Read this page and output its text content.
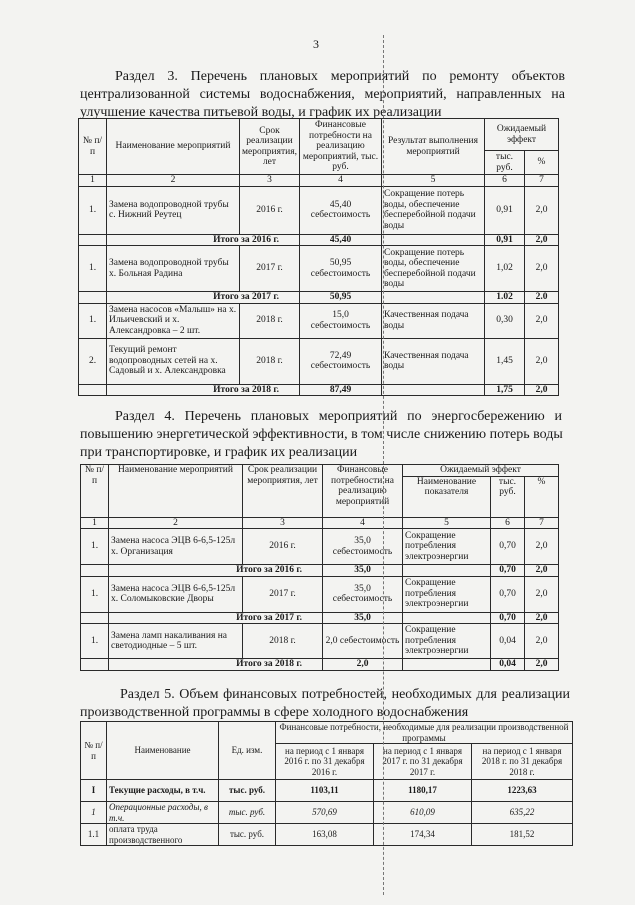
3
Раздел 3. Перечень плановых мероприятий по ремонту объектов
централизованной системы водоснабжения, мероприятий, направленных на
улучшение качества питьевой воды, и график их реализации
№ п/п	Наименование мероприятий	Срок реализации мероприятия, лет	Финансовые потребности на реализацию мероприятий, тыс. руб.	Результат выполнения мероприятий	Ожидаемый эффект	
					тыс. руб.	%
1	2	3	4	5	6	7
1.	Замена водопроводной трубы с. Нижний Реутец	2016 г.	45,40 себестоимость	Сокращение потерь воды, обеспечение бесперебойной подачи воды	0,91	2,0
	Итого за 2016 г.		45,40		0,91	2,0
1.	Замена водопроводной трубы х. Больная Радина	2017 г.	50,95 себестоимость	Сокращение потерь воды, обеспечение бесперебойной подачи воды	1,02	2,0
	Итого за 2017 г.		50,95		1.02	2.0
1.	Замена насосов «Малыш» на х. Ильичевский и х. Александровка – 2 шт.	2018 г.	15,0 себестоимость	Качественная подача воды	0,30	2,0
2.	Текущий ремонт водопроводных сетей на х. Садовый и х. Александровка	2018 г.	72,49 себестоимость	Качественная подача воды	1,45	2,0
	Итого за 2018 г.		87,49		1,75	2,0
Раздел 4. Перечень плановых мероприятий по энергосбережению и
повышению энергетической эффективности, в том числе снижению потерь воды
при транспортировке, и график их реализации
№ п/п	Наименование мероприятий	Срок реализации мероприятия, лет	Финансовые потребности на реализацию мероприятий	Ожидаемый эффект		
				Наименование показателя	тыс. руб.	%
1	2	3	4	5	6	7
1.	Замена насоса ЭЦВ 6-6,5-125л х. Организация	2016 г.	35,0 себестоимость	Сокращение потребления электроэнергии	0,70	2,0
	Итого за 2016 г.		35,0		0,70	2,0
1.	Замена насоса ЭЦВ 6-6,5-125л х. Соломыковские Дворы	2017 г.	35,0 себестоимость	Сокращение потребления электроэнергии	0,70	2,0
	Итого за 2017 г.		35,0		0,70	2,0
1.	Замена ламп накаливания на светодиодные – 5 шт.	2018 г.	2,0 себестоимость	Сокращение потребления электроэнергии	0,04	2,0
	Итого за 2018 г.		2,0		0,04	2,0
Раздел 5. Объем финансовых потребностей, необходимых для реализации
производственной программы в сфере холодного водоснабжения
№ п/п	Наименование	Ед. изм.	Финансовые потребности, необходимые для реализации производственной программы		
			на период с 1 января 2016 г. по 31 декабря 2016 г.	на период с 1 января 2017 г. по 31 декабря 2017 г.	на период с 1 января 2018 г. по 31 декабря 2018 г.
I	Текущие расходы, в т.ч.	тыс. руб.	1103,11	1180,17	1223,63
1	Операционные расходы, в т.ч.	тыс. руб.	570,69	610,09	635,22
1.1	оплата труда производственного	тыс. руб.	163,08	174,34	181,52
